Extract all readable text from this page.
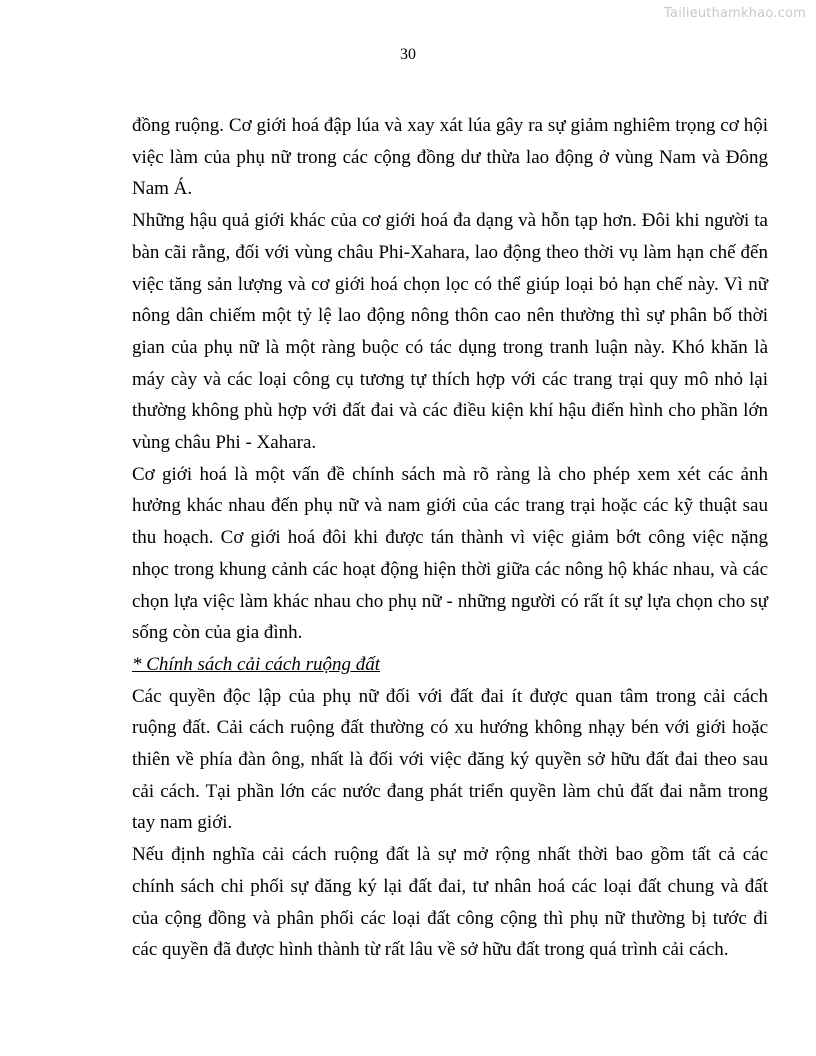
Tailieuthamkhao.com
30

đồng ruộng. Cơ giới hoá đập lúa và xay xát lúa gây ra sự giảm nghiêm trọng cơ hội việc làm của phụ nữ trong các cộng đồng dư thừa lao động ở vùng Nam và Đông Nam Á.

Những hậu quả giới khác của cơ giới hoá đa dạng và hỗn tạp hơn. Đôi khi người ta bàn cãi rằng, đối với vùng châu Phi-Xahara, lao động theo thời vụ làm hạn chế đến việc tăng sản lượng và cơ giới hoá chọn lọc có thể giúp loại bỏ hạn chế này. Vì nữ nông dân chiếm một tỷ lệ lao động nông thôn cao nên thường thì sự phân bố thời gian của phụ nữ là một ràng buộc có tác dụng trong tranh luận này. Khó khăn là máy cày và các loại công cụ tương tự thích hợp với các trang trại quy mô nhỏ lại thường không phù hợp với đất đai và các điều kiện khí hậu điển hình cho phần lớn vùng châu Phi - Xahara.

Cơ giới hoá là một vấn đề chính sách mà rõ ràng là cho phép xem xét các ảnh hưởng khác nhau đến phụ nữ và nam giới của các trang trại hoặc các kỹ thuật sau thu hoạch. Cơ giới hoá đôi khi được tán thành vì việc giảm bớt công việc nặng nhọc trong khung cảnh các hoạt động hiện thời giữa các nông hộ khác nhau, và các chọn lựa việc làm khác nhau cho phụ nữ - những người có rất ít sự lựa chọn cho sự sống còn của gia đình.

* Chính sách cải cách ruộng đất

Các quyền độc lập của phụ nữ đối với đất đai ít được quan tâm trong cải cách ruộng đất. Cải cách ruộng đất thường có xu hướng không nhạy bén với giới hoặc thiên về phía đàn ông, nhất là đối với việc đăng ký quyền sở hữu đất đai theo sau cải cách. Tại phần lớn các nước đang phát triển quyền làm chủ đất đai nằm trong tay nam giới.

Nếu định nghĩa cải cách ruộng đất là sự mở rộng nhất thời bao gồm tất cả các chính sách chi phối sự đăng ký lại đất đai, tư nhân hoá các loại đất chung và đất của cộng đồng và phân phối các loại đất công cộng thì phụ nữ thường bị tước đi các quyền đã được hình thành từ rất lâu về sở hữu đất trong quá trình cải cách.
